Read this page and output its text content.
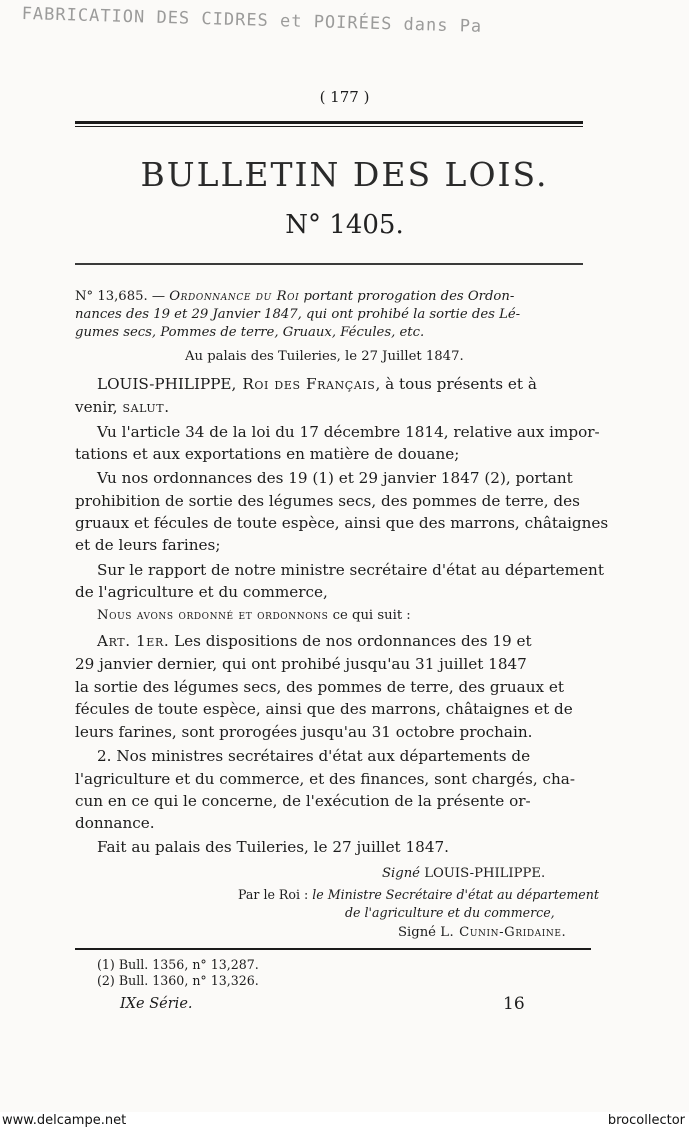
FABRICATION DES CIDRES et POIRÉES dans Pa
( 177 )
BULLETIN DES LOIS.
N° 1405.
N° 13,685. — Ordonnance du Roi portant prorogation des Ordon-
nances des 19 et 29 Janvier 1847, qui ont prohibé la sortie des Lé-
gumes secs, Pommes de terre, Gruaux, Fécules, etc.
Au palais des Tuileries, le 27 Juillet 1847.
LOUIS-PHILIPPE, Roi des Français, à tous présents et à
venir, salut.
Vu l'article 34 de la loi du 17 décembre 1814, relative aux impor-
tations et aux exportations en matière de douane;
Vu nos ordonnances des 19 (1) et 29 janvier 1847 (2), portant
prohibition de sortie des légumes secs, des pommes de terre, des
gruaux et fécules de toute espèce, ainsi que des marrons, châtaignes
et de leurs farines;
Sur le rapport de notre ministre secrétaire d'état au département
de l'agriculture et du commerce,
Nous avons ordonné et ordonnons ce qui suit :
Art. 1er. Les dispositions de nos ordonnances des 19 et
29 janvier dernier, qui ont prohibé jusqu'au 31 juillet 1847
la sortie des légumes secs, des pommes de terre, des gruaux et
fécules de toute espèce, ainsi que des marrons, châtaignes et de
leurs farines, sont prorogées jusqu'au 31 octobre prochain.
2. Nos ministres secrétaires d'état aux départements de
l'agriculture et du commerce, et des finances, sont chargés, cha-
cun en ce qui le concerne, de l'exécution de la présente or-
donnance.
Fait au palais des Tuileries, le 27 juillet 1847.
Signé LOUIS-PHILIPPE.
Par le Roi : le Ministre Secrétaire d'état au département
de l'agriculture et du commerce,
Signé L. Cunin-Gridaine.
(1) Bull. 1356, n° 13,287.
(2) Bull. 1360, n° 13,326.
IXe Série.	16
www.delcampe.net	brocollector
